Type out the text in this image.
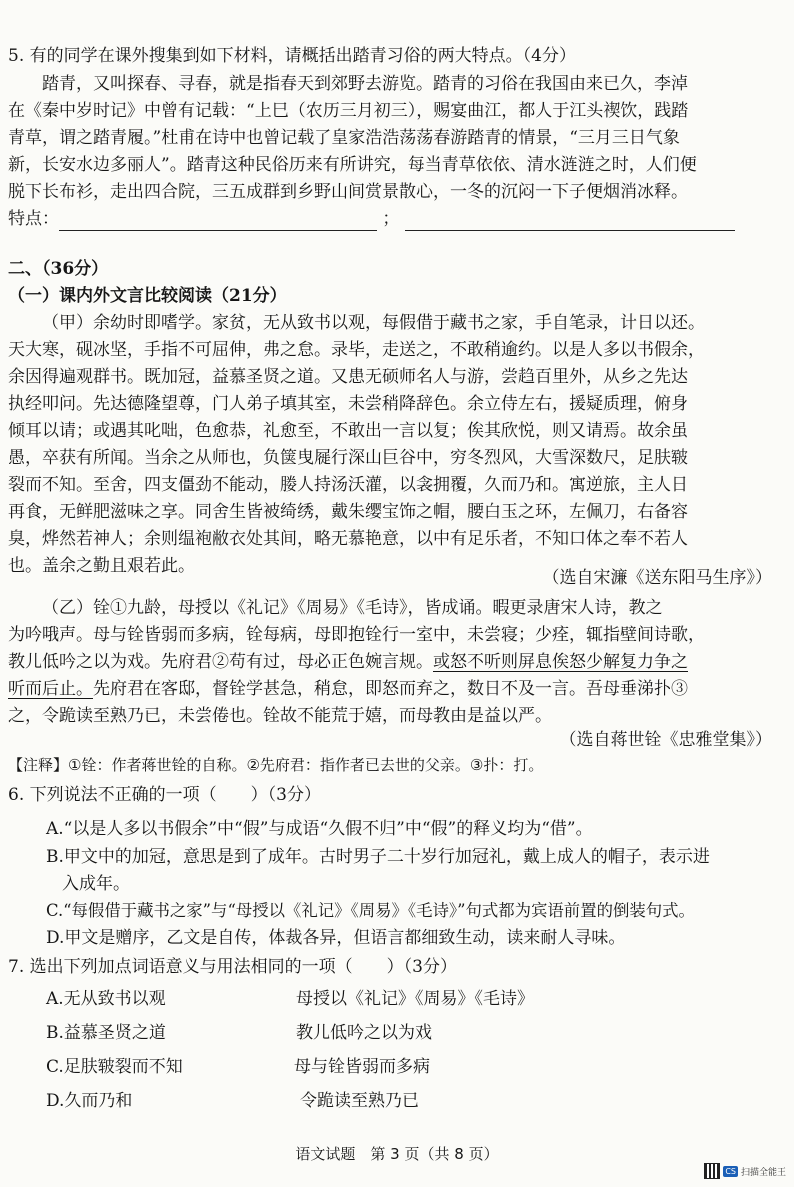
5. 有的同学在课外搜集到如下材料，请概括出踏青习俗的两大特点。（4分）
踏青，又叫探春、寻春，就是指春天到郊野去游览。踏青的习俗在我国由来已久，李淖
在《秦中岁时记》中曾有记载：“上巳（农历三月初三），赐宴曲江，都人于江头禊饮，践踏
青草，谓之踏青履。”杜甫在诗中也曾记载了皇家浩浩荡荡春游踏青的情景，“三月三日气象
新，长安水边多丽人”。踏青这种民俗历来有所讲究，每当青草依依、清水涟涟之时，人们便
脱下长布衫，走出四合院，三五成群到乡野山间赏景散心，一冬的沉闷一下子便烟消冰释。
特点：	；
二、（36分）
（一）课内外文言比较阅读（21分）
（甲）余幼时即嗜学。家贫，无从致书以观，每假借于藏书之家，手自笔录，计日以还。
天大寒，砚冰坚，手指不可屈伸，弗之怠。录毕，走送之，不敢稍逾约。以是人多以书假余，
余因得遍观群书。既加冠，益慕圣贤之道。又患无硕师名人与游，尝趋百里外，从乡之先达
执经叩问。先达德隆望尊，门人弟子填其室，未尝稍降辞色。余立侍左右，援疑质理，俯身
倾耳以请；或遇其叱咄，色愈恭，礼愈至，不敢出一言以复；俟其欣悦，则又请焉。故余虽
愚，卒获有所闻。当余之从师也，负箧曳屣行深山巨谷中，穷冬烈风，大雪深数尺，足肤皲
裂而不知。至舍，四支僵劲不能动，媵人持汤沃灌，以衾拥覆，久而乃和。寓逆旅，主人日
再食，无鲜肥滋味之享。同舍生皆被绮绣，戴朱缨宝饰之帽，腰白玉之环，左佩刀，右备容
臭，烨然若神人；余则缊袍敝衣处其间，略无慕艳意，以中有足乐者，不知口体之奉不若人
也。盖余之勤且艰若此。
（选自宋濂《送东阳马生序》）
（乙）铨①九龄，母授以《礼记》《周易》《毛诗》，皆成诵。暇更录唐宋人诗，教之
为吟哦声。母与铨皆弱而多病，铨每病，母即抱铨行一室中，未尝寝；少痊，辄指壁间诗歌，
教儿低吟之以为戏。先府君②苟有过，母必正色婉言规。或怒不听则屏息俟怒少解复力争之
听而后止。先府君在客邸，督铨学甚急，稍怠，即怒而弃之，数日不及一言。吾母垂涕扑③
之，令跪读至熟乃已，未尝倦也。铨故不能荒于嬉，而母教由是益以严。
（选自蒋世铨《忠雅堂集》）
【注释】①铨：作者蒋世铨的自称。②先府君：指作者已去世的父亲。③扑：打。
6. 下列说法不正确的一项（　　）（3分）
A.“以是人多以书假余”中“假”与成语“久假不归”中“假”的释义均为“借”。
B.甲文中的加冠，意思是到了成年。古时男子二十岁行加冠礼，戴上成人的帽子，表示进
入成年。
C.“每假借于藏书之家”与“母授以《礼记》《周易》《毛诗》”句式都为宾语前置的倒装句式。
D.甲文是赠序，乙文是自传，体裁各异，但语言都细致生动，读来耐人寻味。
7. 选出下列加点词语意义与用法相同的一项（　　）（3分）
A.无从致书以观	母授以《礼记》《周易》《毛诗》
B.益慕圣贤之道	教儿低吟之以为戏
C.足肤皲裂而不知	母与铨皆弱而多病
D.久而乃和	令跪读至熟乃已
语文试题　第 3 页（共 8 页）
CS 扫描全能王
